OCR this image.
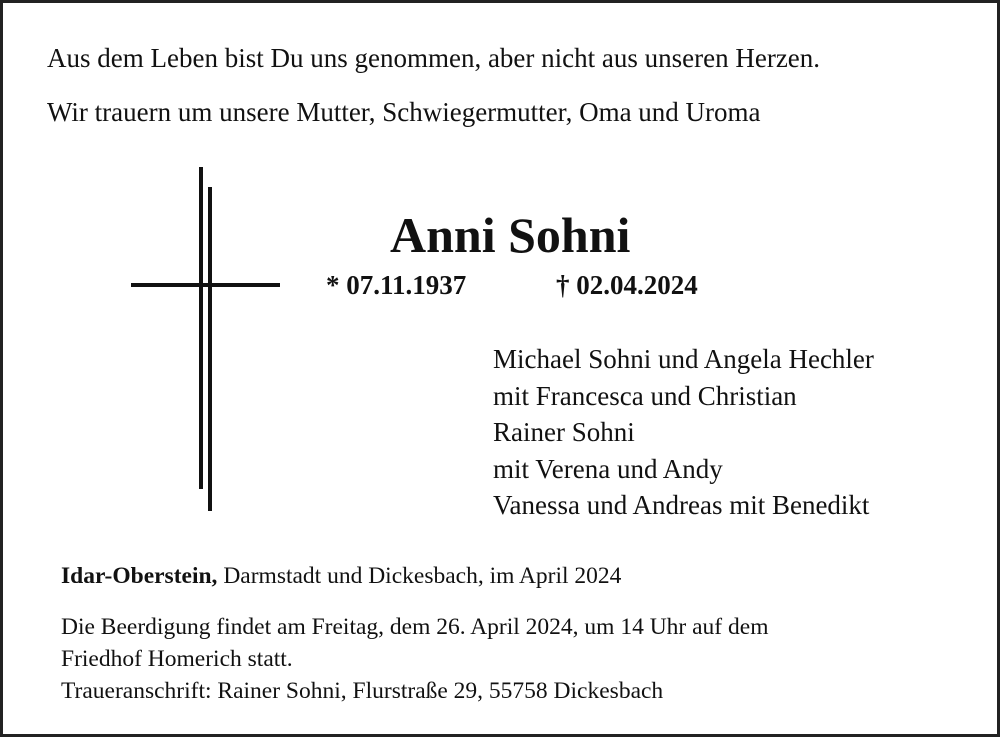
Aus dem Leben bist Du uns genommen, aber nicht aus unseren Herzen.
Wir trauern um unsere Mutter, Schwiegermutter, Oma und Uroma
Anni Sohni
* 07.11.1937	† 02.04.2024
Michael Sohni und Angela Hechler
mit Francesca und Christian
Rainer Sohni
mit Verena und Andy
Vanessa und Andreas mit Benedikt
Idar-Oberstein, Darmstadt und Dickesbach, im April 2024
Die Beerdigung findet am Freitag, dem 26. April 2024, um 14 Uhr auf dem
Friedhof Homerich statt.
Traueranschrift: Rainer Sohni, Flurstraße 29, 55758 Dickesbach
